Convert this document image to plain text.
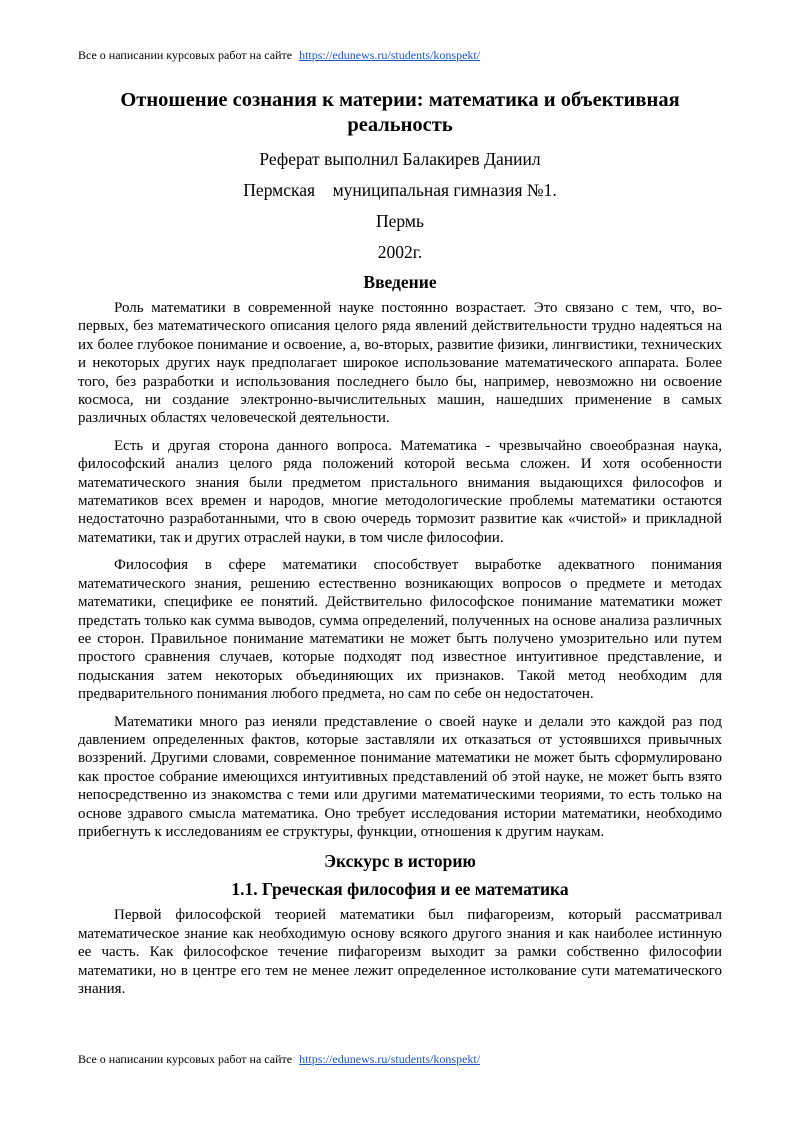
Все о написании курсовых работ на сайте https://edunews.ru/students/konspekt/
Отношение сознания к материи: математика и объективная реальность
Реферат выполнил Балакирев Даниил
Пермская    муниципальная гимназия №1.
Пермь
2002г.
Введение

Роль математики в современной науке постоянно возрастает. Это связано с тем, что, во-первых, без математического описания целого ряда явлений действительности трудно надеяться на их более глубокое понимание и освоение, а, во-вторых, развитие физики, лингвистики, технических и некоторых других наук предполагает широкое использование математического аппарата. Более того, без разработки и использования последнего было бы, например, невозможно ни освоение космоса, ни создание электронно-вычислительных машин, нашедших применение в самых различных областях человеческой деятельности.

Есть и другая сторона данного вопроса. Математика - чрезвычайно своеобразная наука, философский анализ целого ряда положений которой весьма сложен. И хотя особенности математического знания были предметом пристального внимания выдающихся философов и математиков всех времен и народов, многие методологические проблемы математики остаются недостаточно разработанными, что в свою очередь тормозит развитие как «чистой» и прикладной математики, так и других отраслей науки, в том числе философии.

Философия в сфере математики способствует выработке адекватного понимания математического знания, решению естественно возникающих вопросов о предмете и методах математики, специфике ее понятий. Действительно философское понимание математики может предстать только как сумма выводов, сумма определений, полученных на основе анализа различных ее сторон. Правильное понимание математики не может быть получено умозрительно или путем простого сравнения случаев, которые подходят под известное интуитивное представление, и подыскания затем некоторых объединяющих их признаков. Такой метод необходим для предварительного понимания любого предмета, но сам по себе он недостаточен.

Математики много раз иеняли представление о своей науке и делали это каждой раз под давлением определенных фактов, которые заставляли их отказаться от устоявшихся привычных воззрений. Другими словами, современное понимание математики не может быть сформулировано как простое собрание имеющихся интуитивных представлений об этой науке, не может быть взято непосредственно из знакомства с теми или другими математическими теориями, то есть только на основе здравого смысла математика. Оно требует исследования истории математики, необходимо прибегнуть к исследованиям ее структуры, функции, отношения к другим наукам.

Экскурс в историю
1.1. Греческая философия и ее математика

Первой философской теорией математики был пифагореизм, который рассматривал математическое знание как необходимую основу всякого другого знания и как наиболее истинную ее часть. Как философское течение пифагореизм выходит за рамки собственно философии математики, но в центре его тем не менее лежит определенное истолкование сути математического знания.

Все о написании курсовых работ на сайте https://edunews.ru/students/konspekt/
